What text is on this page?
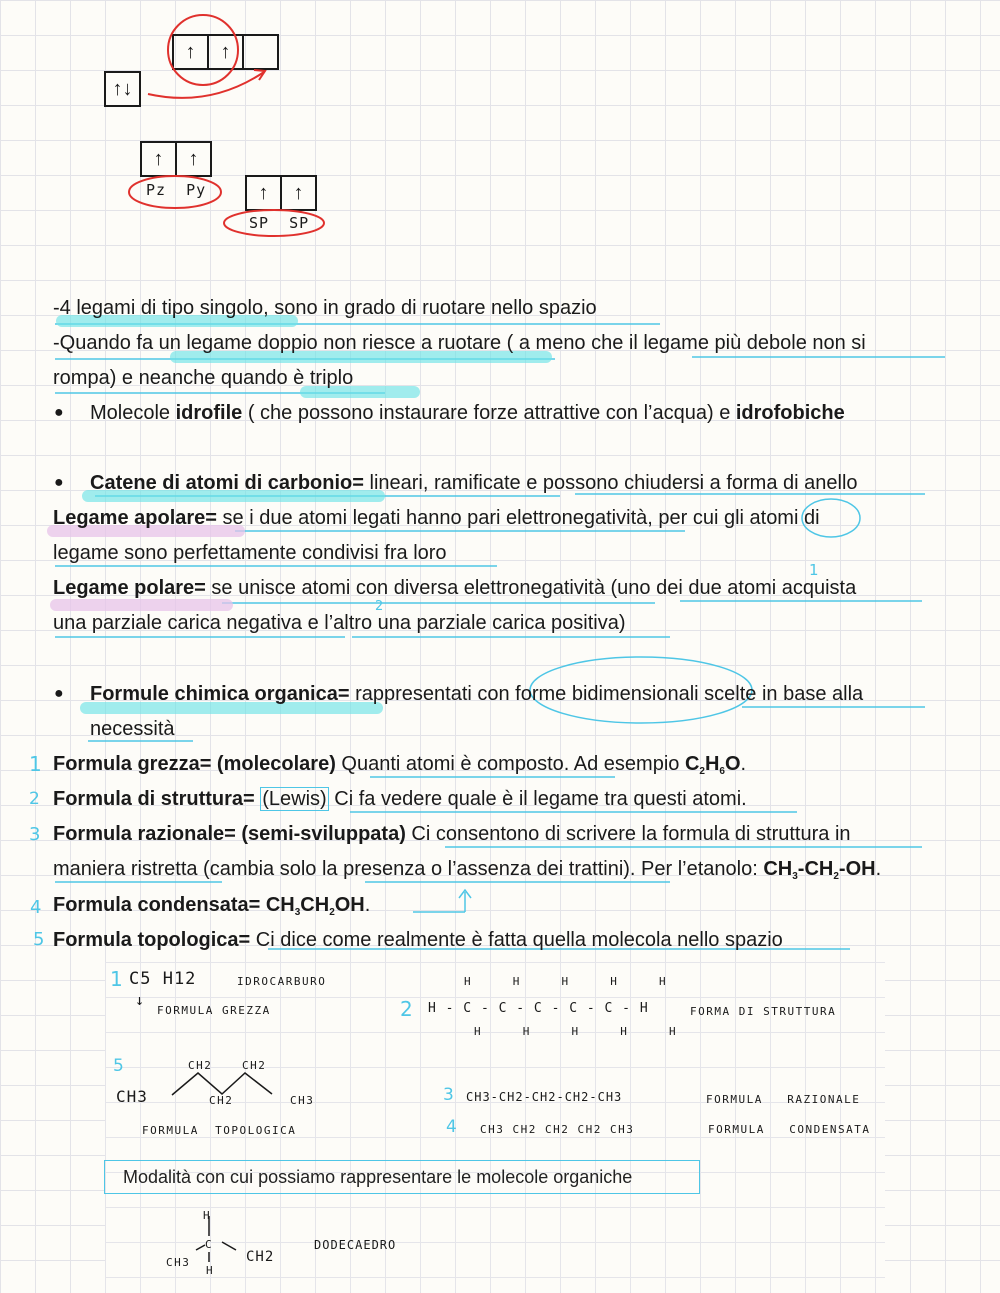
↑	↑
↑↓
↑	↑
↑	↑
Pz  Py
SP  SP
-4 legami di tipo singolo, sono in grado di ruotare nello spazio
-Quando fa un legame doppio non riesce a ruotare ( a meno che il legame più debole non si
rompa) e neanche quando è triplo
● Molecole idrofile ( che possono instaurare forze attrattive con l’acqua) e idrofobiche
● Catene di atomi di carbonio= lineari, ramificate e possono chiudersi a forma di anello
Legame apolare= se i due atomi legati hanno pari elettronegatività, per cui gli atomi di
legame sono perfettamente condivisi fra loro
Legame polare= se unisce atomi con diversa elettronegatività (uno dei due atomi acquista
una parziale carica negativa e l’altro una parziale carica positiva)
1
2
● Formule chimica organica= rappresentati con forme bidimensionali scelte in base alla
necessità
1 Formula grezza= (molecolare) Quanti atomi è composto. Ad esempio $C_2H_6O$.
2 Formula di struttura= (Lewis) Ci fa vedere quale è il legame tra questi atomi.
3 Formula razionale= (semi-sviluppata) Ci consentono di scrivere la formula di struttura in
maniera ristretta (cambia solo la presenza o l’assenza dei trattini). Per l’etanolo: $CH_3-CH_2-OH$.
4 Formula condensata= $CH_3CH_2OH$.
5 Formula topologica= Ci dice come realmente è fatta quella molecola nello spazio
1 C5 H12	IDROCARBURO
↓
FORMULA GREZZA	2
H     H     H     H     H
H - C - C - C - C - C - H
H     H     H     H     H
FORMA DI STRUTTURA
5	CH2	CH2
CH3	CH2	CH3
FORMULA  TOPOLOGICA
3 CH3-CH2-CH2-CH2-CH3	FORMULA   RAZIONALE
4 CH3 CH2 CH2 CH2 CH3	FORMULA   CONDENSATA
Modalità con cui possiamo rappresentare le molecole organiche
H
C
CH3	CH2
H
DODECAEDRO
